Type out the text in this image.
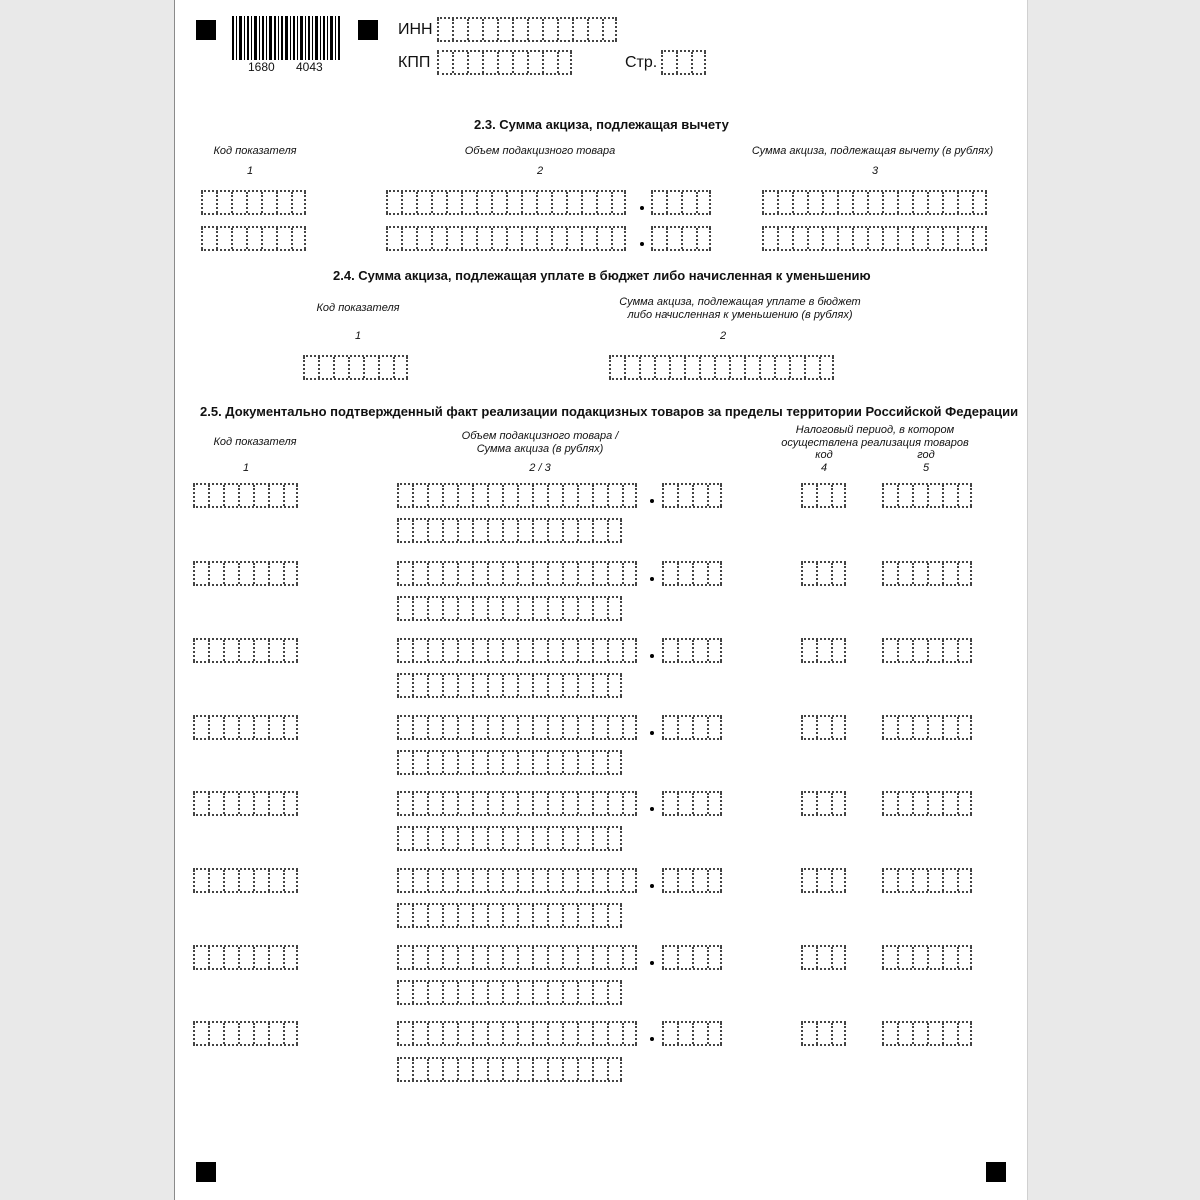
1680 4043
ИНН
КПП	Стр.
2.3. Сумма акциза, подлежащая вычету
Код показателя	Объем подакцизного товара	Сумма акциза, подлежащая вычету (в рублях)
1	2	3
2.4. Сумма акциза, подлежащая уплате в бюджет либо начисленная к уменьшению
Код показателя	Сумма акциза, подлежащая уплате в бюджет
либо начисленная к уменьшению (в рублях)
1	2
2.5. Документально подтвержденный факт реализации подакцизных товаров за пределы территории Российской Федерации
Код показателя	Объем подакцизного товара /
Сумма акциза (в рублях)
Налоговый период, в котором
осуществлена реализация товаров
код	год
1	2 / 3	4	5
